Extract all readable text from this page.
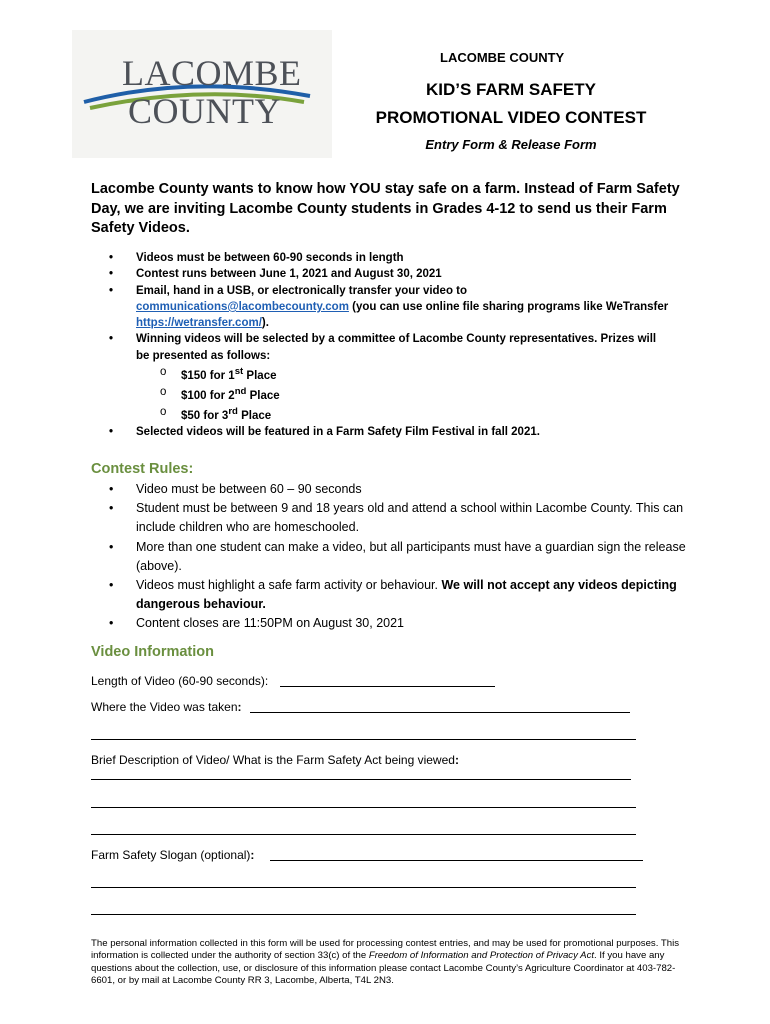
LACOMBE
COUNTY
LACOMBE COUNTY
KID’S FARM SAFETY
PROMOTIONAL VIDEO CONTEST
Entry Form & Release Form
Lacombe County wants to know how YOU stay safe on a farm. Instead of Farm Safety Day, we are inviting Lacombe County students in Grades 4-12 to send us their Farm Safety Videos.
• Videos must be between 60-90 seconds in length
• Contest runs between June 1, 2021 and August 30, 2021
• Email, hand in a USB, or electronically transfer your video to
communications@lacombecounty.com (you can use online file sharing programs like WeTransfer https://wetransfer.com/).
• Winning videos will be selected by a committee of Lacombe County representatives. Prizes will be presented as follows:
o $150 for 1st Place
o $100 for 2nd Place
o $50 for 3rd Place
• Selected videos will be featured in a Farm Safety Film Festival in fall 2021.
Contest Rules:
• Video must be between 60 – 90 seconds
• Student must be between 9 and 18 years old and attend a school within Lacombe County. This can include children who are homeschooled.
• More than one student can make a video, but all participants must have a guardian sign the release (above).
• Videos must highlight a safe farm activity or behaviour. We will not accept any videos depicting dangerous behaviour.
• Content closes are 11:50PM on August 30, 2021
Video Information
Length of Video (60-90 seconds):
Where the Video was taken:
Brief Description of Video/ What is the Farm Safety Act being viewed:
Farm Safety Slogan (optional):
The personal information collected in this form will be used for processing contest entries, and may be used for promotional purposes. This information is collected under the authority of section 33(c) of the Freedom of Information and Protection of Privacy Act. If you have any questions about the collection, use, or disclosure of this information please contact Lacombe County’s Agriculture Coordinator at 403-782-6601, or by mail at Lacombe County RR 3, Lacombe, Alberta, T4L 2N3.
